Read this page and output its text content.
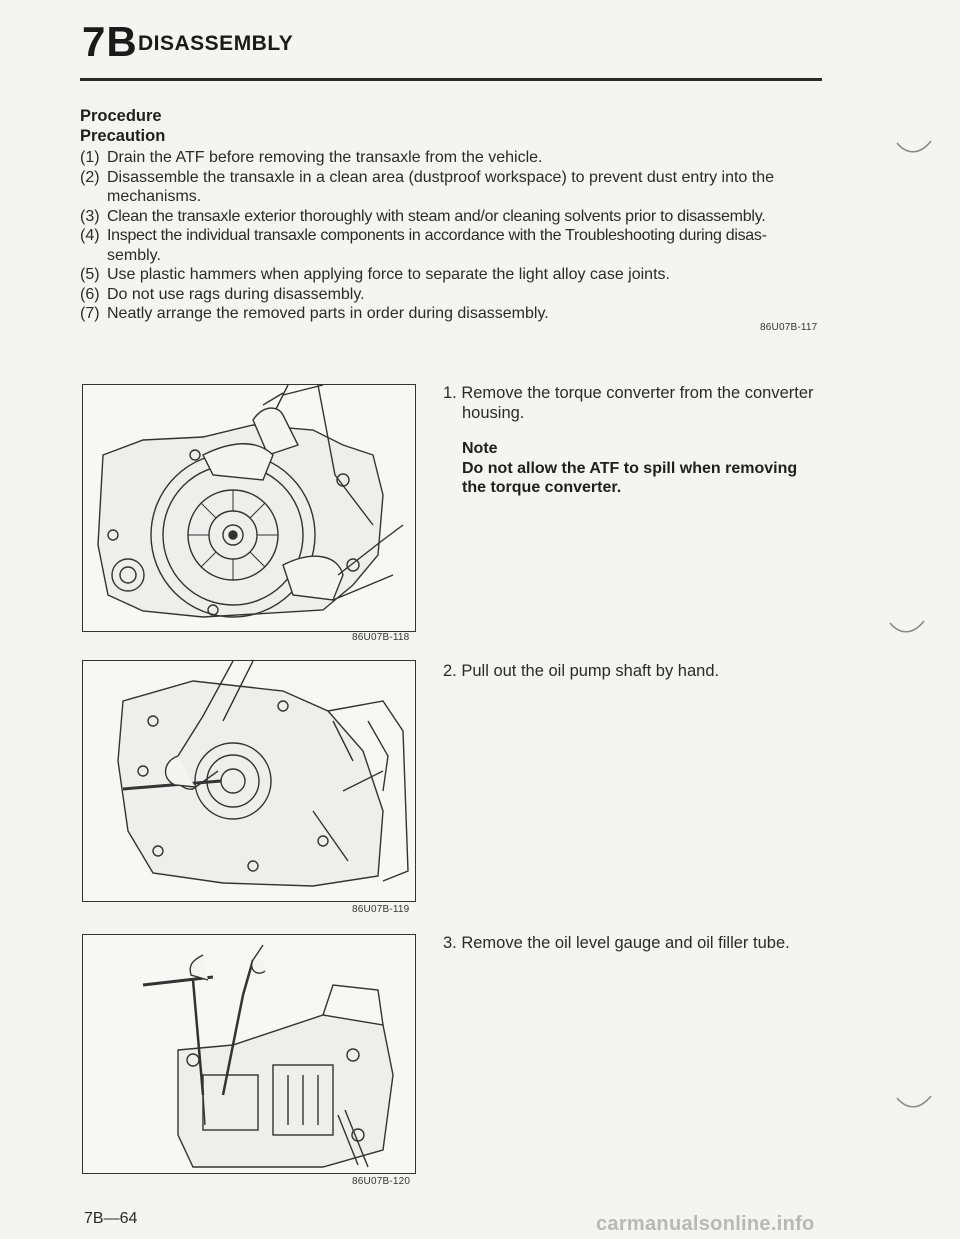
7B DISASSEMBLY
Procedure
Precaution
(1) Drain the ATF before removing the transaxle from the vehicle.
(2) Disassemble the transaxle in a clean area (dustproof workspace) to prevent dust entry into the
mechanisms.
(3) Clean the transaxle exterior thoroughly with steam and/or cleaning solvents prior to disassembly.
(4) Inspect the individual transaxle components in accordance with the Troubleshooting during disas-
sembly.
(5) Use plastic hammers when applying force to separate the light alloy case joints.
(6) Do not use rags during disassembly.
(7) Neatly arrange the removed parts in order during disassembly.
86U07B-117
86U07B-118
86U07B-119
86U07B-120
1. Remove the torque converter from the converter
housing.
Note
Do not allow the ATF to spill when removing
the torque converter.
2. Pull out the oil pump shaft by hand.
3. Remove the oil level gauge and oil filler tube.
7B—64	carmanualsonline.info
